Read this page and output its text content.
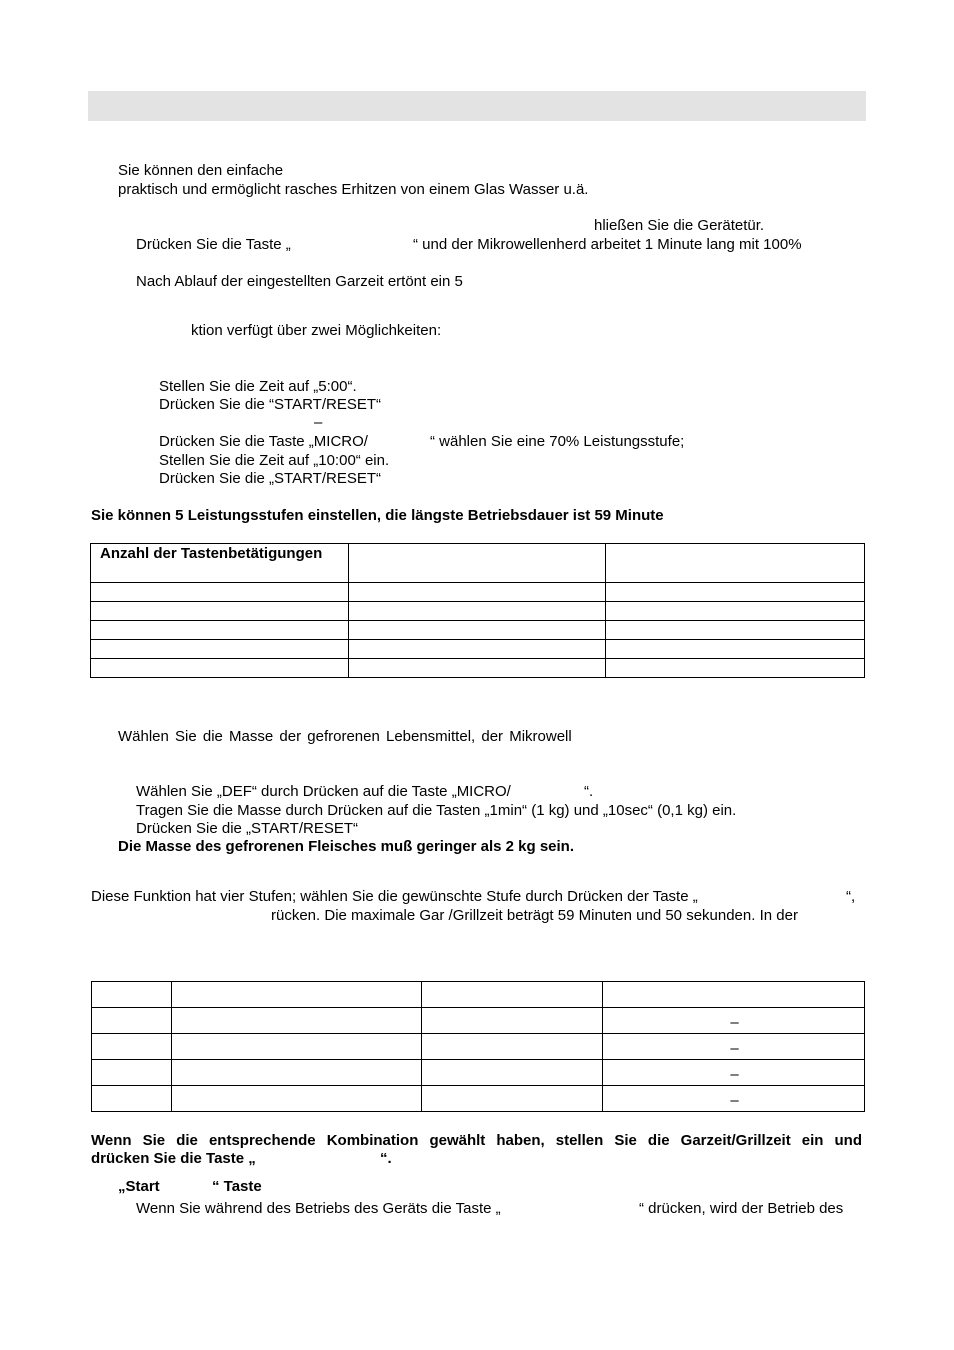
Sie können den einfache
praktisch und ermöglicht rasches Erhitzen von einem Glas Wasser u.ä.
hließen Sie die Gerätetür.
Drücken Sie die Taste „	“ und der Mikrowellenherd arbeitet 1 Minute lang mit 100%
Nach Ablauf der eingestellten Garzeit ertönt ein 5
ktion verfügt über zwei Möglichkeiten:
Stellen Sie die Zeit auf „5:00“.
Drücken Sie die “START/RESET“
–
Drücken Sie die Taste „MICRO/	“ wählen Sie eine 70% Leistungsstufe;
Stellen Sie die Zeit auf „10:00“ ein.
Drücken Sie die „START/RESET“
Sie können 5 Leistungsstufen einstellen, die längste Betriebsdauer ist 59 Minute
Anzahl der Tastenbetätigungen		

Wählen Sie die Masse der gefrorenen Lebensmittel, der Mikrowell
Wählen Sie „DEF“ durch Drücken auf die Taste „MICRO/	“.
Tragen Sie die Masse durch Drücken auf die Tasten „1min“ (1 kg) und „10sec“ (0,1 kg) ein.
Drücken Sie die „START/RESET“
Die Masse des gefrorenen Fleisches muß geringer als 2 kg sein.
Diese Funktion hat vier Stufen; wählen Sie die gewünschte Stufe durch Drücken der Taste „	“,
rücken. Die maximale Gar /Grillzeit beträgt 59 Minuten und 50 sekunden. In der

			–
			–
			–
			–
Wenn Sie die entsprechende Kombination gewählt haben, stellen Sie die Garzeit/Grillzeit ein und
drücken Sie die Taste „	“.
„Start	“ Taste
Wenn Sie während des Betriebs des Geräts die Taste „	“ drücken, wird der Betrieb des
